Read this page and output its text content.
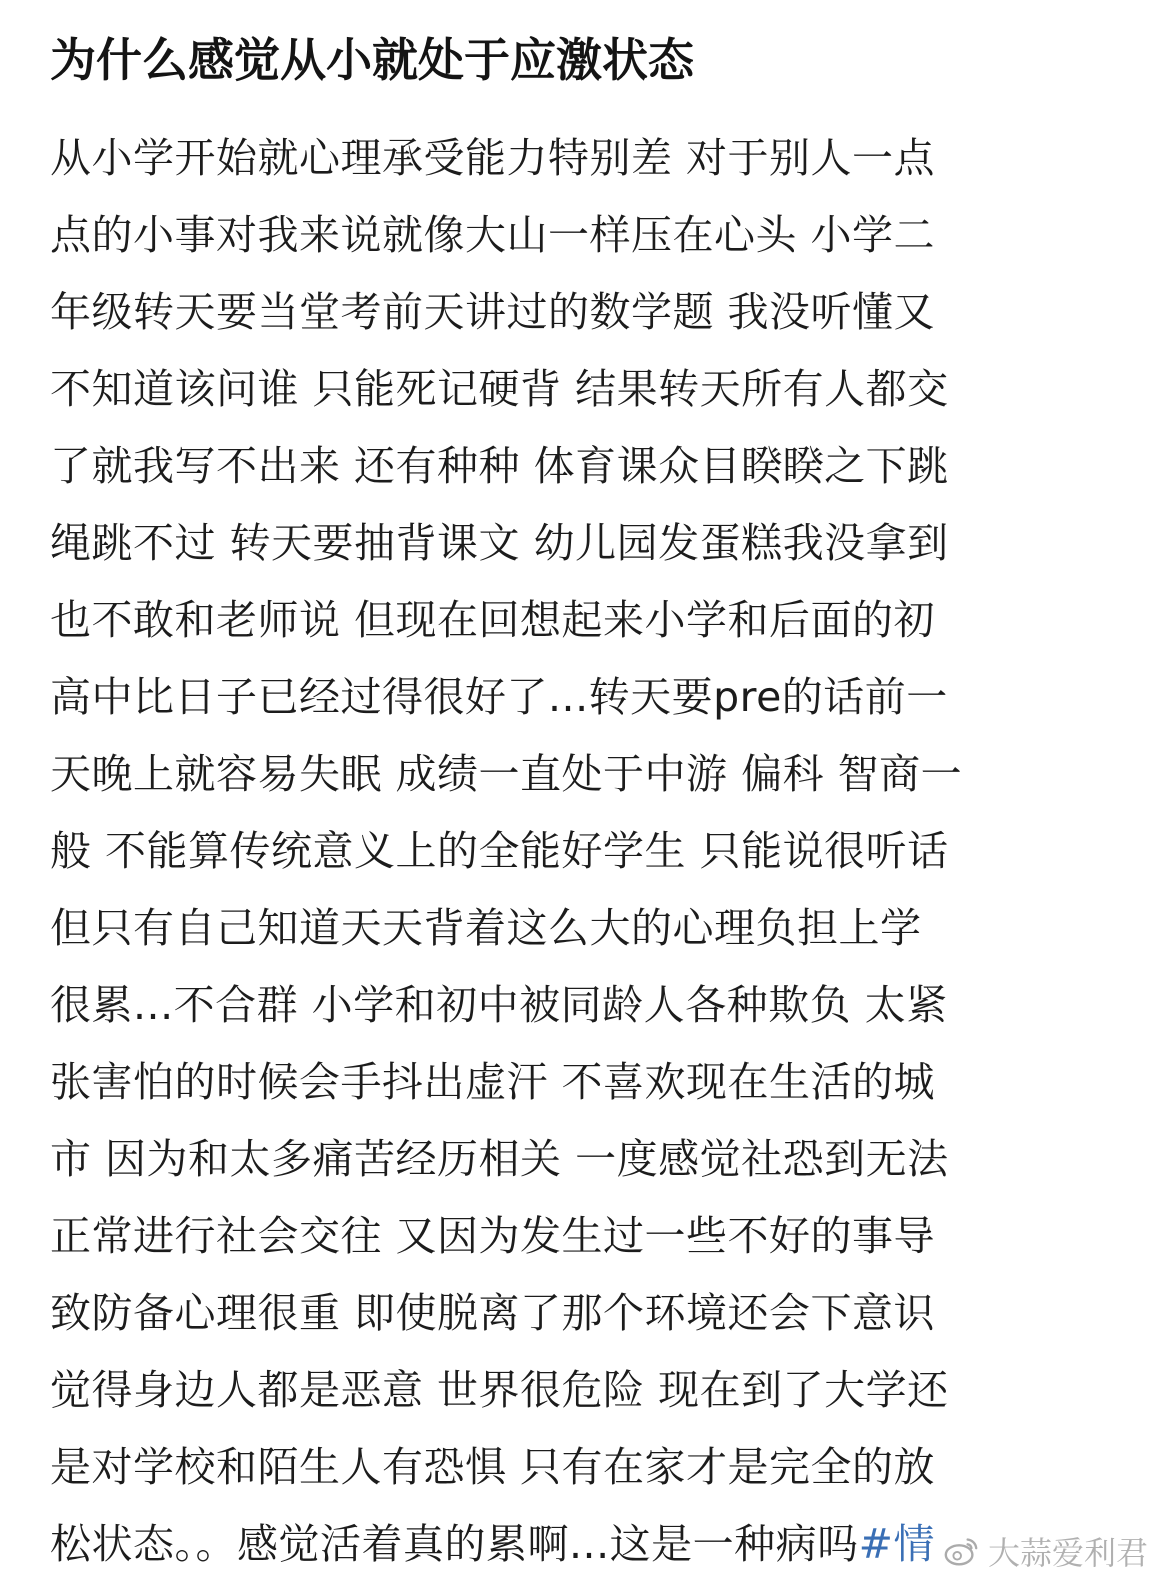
为什么感觉从小就处于应激状态
从小学开始就心理承受能力特别差 对于别人一点
点的小事对我来说就像大山一样压在心头 小学二
年级转天要当堂考前天讲过的数学题 我没听懂又
不知道该问谁 只能死记硬背 结果转天所有人都交
了就我写不出来 还有种种 体育课众目睽睽之下跳
绳跳不过 转天要抽背课文 幼儿园发蛋糕我没拿到
也不敢和老师说 但现在回想起来小学和后面的初
高中比日子已经过得很好了...转天要pre的话前一
天晚上就容易失眠 成绩一直处于中游 偏科 智商一
般 不能算传统意义上的全能好学生 只能说很听话
但只有自己知道天天背着这么大的心理负担上学
很累...不合群 小学和初中被同龄人各种欺负 太紧
张害怕的时候会手抖出虚汗 不喜欢现在生活的城
市 因为和太多痛苦经历相关 一度感觉社恐到无法
正常进行社会交往 又因为发生过一些不好的事导
致防备心理很重 即使脱离了那个环境还会下意识
觉得身边人都是恶意 世界很危险 现在到了大学还
是对学校和陌生人有恐惧 只有在家才是完全的放
松状态。。感觉活着真的累啊...这是一种病吗#情	大蒜爱利君
